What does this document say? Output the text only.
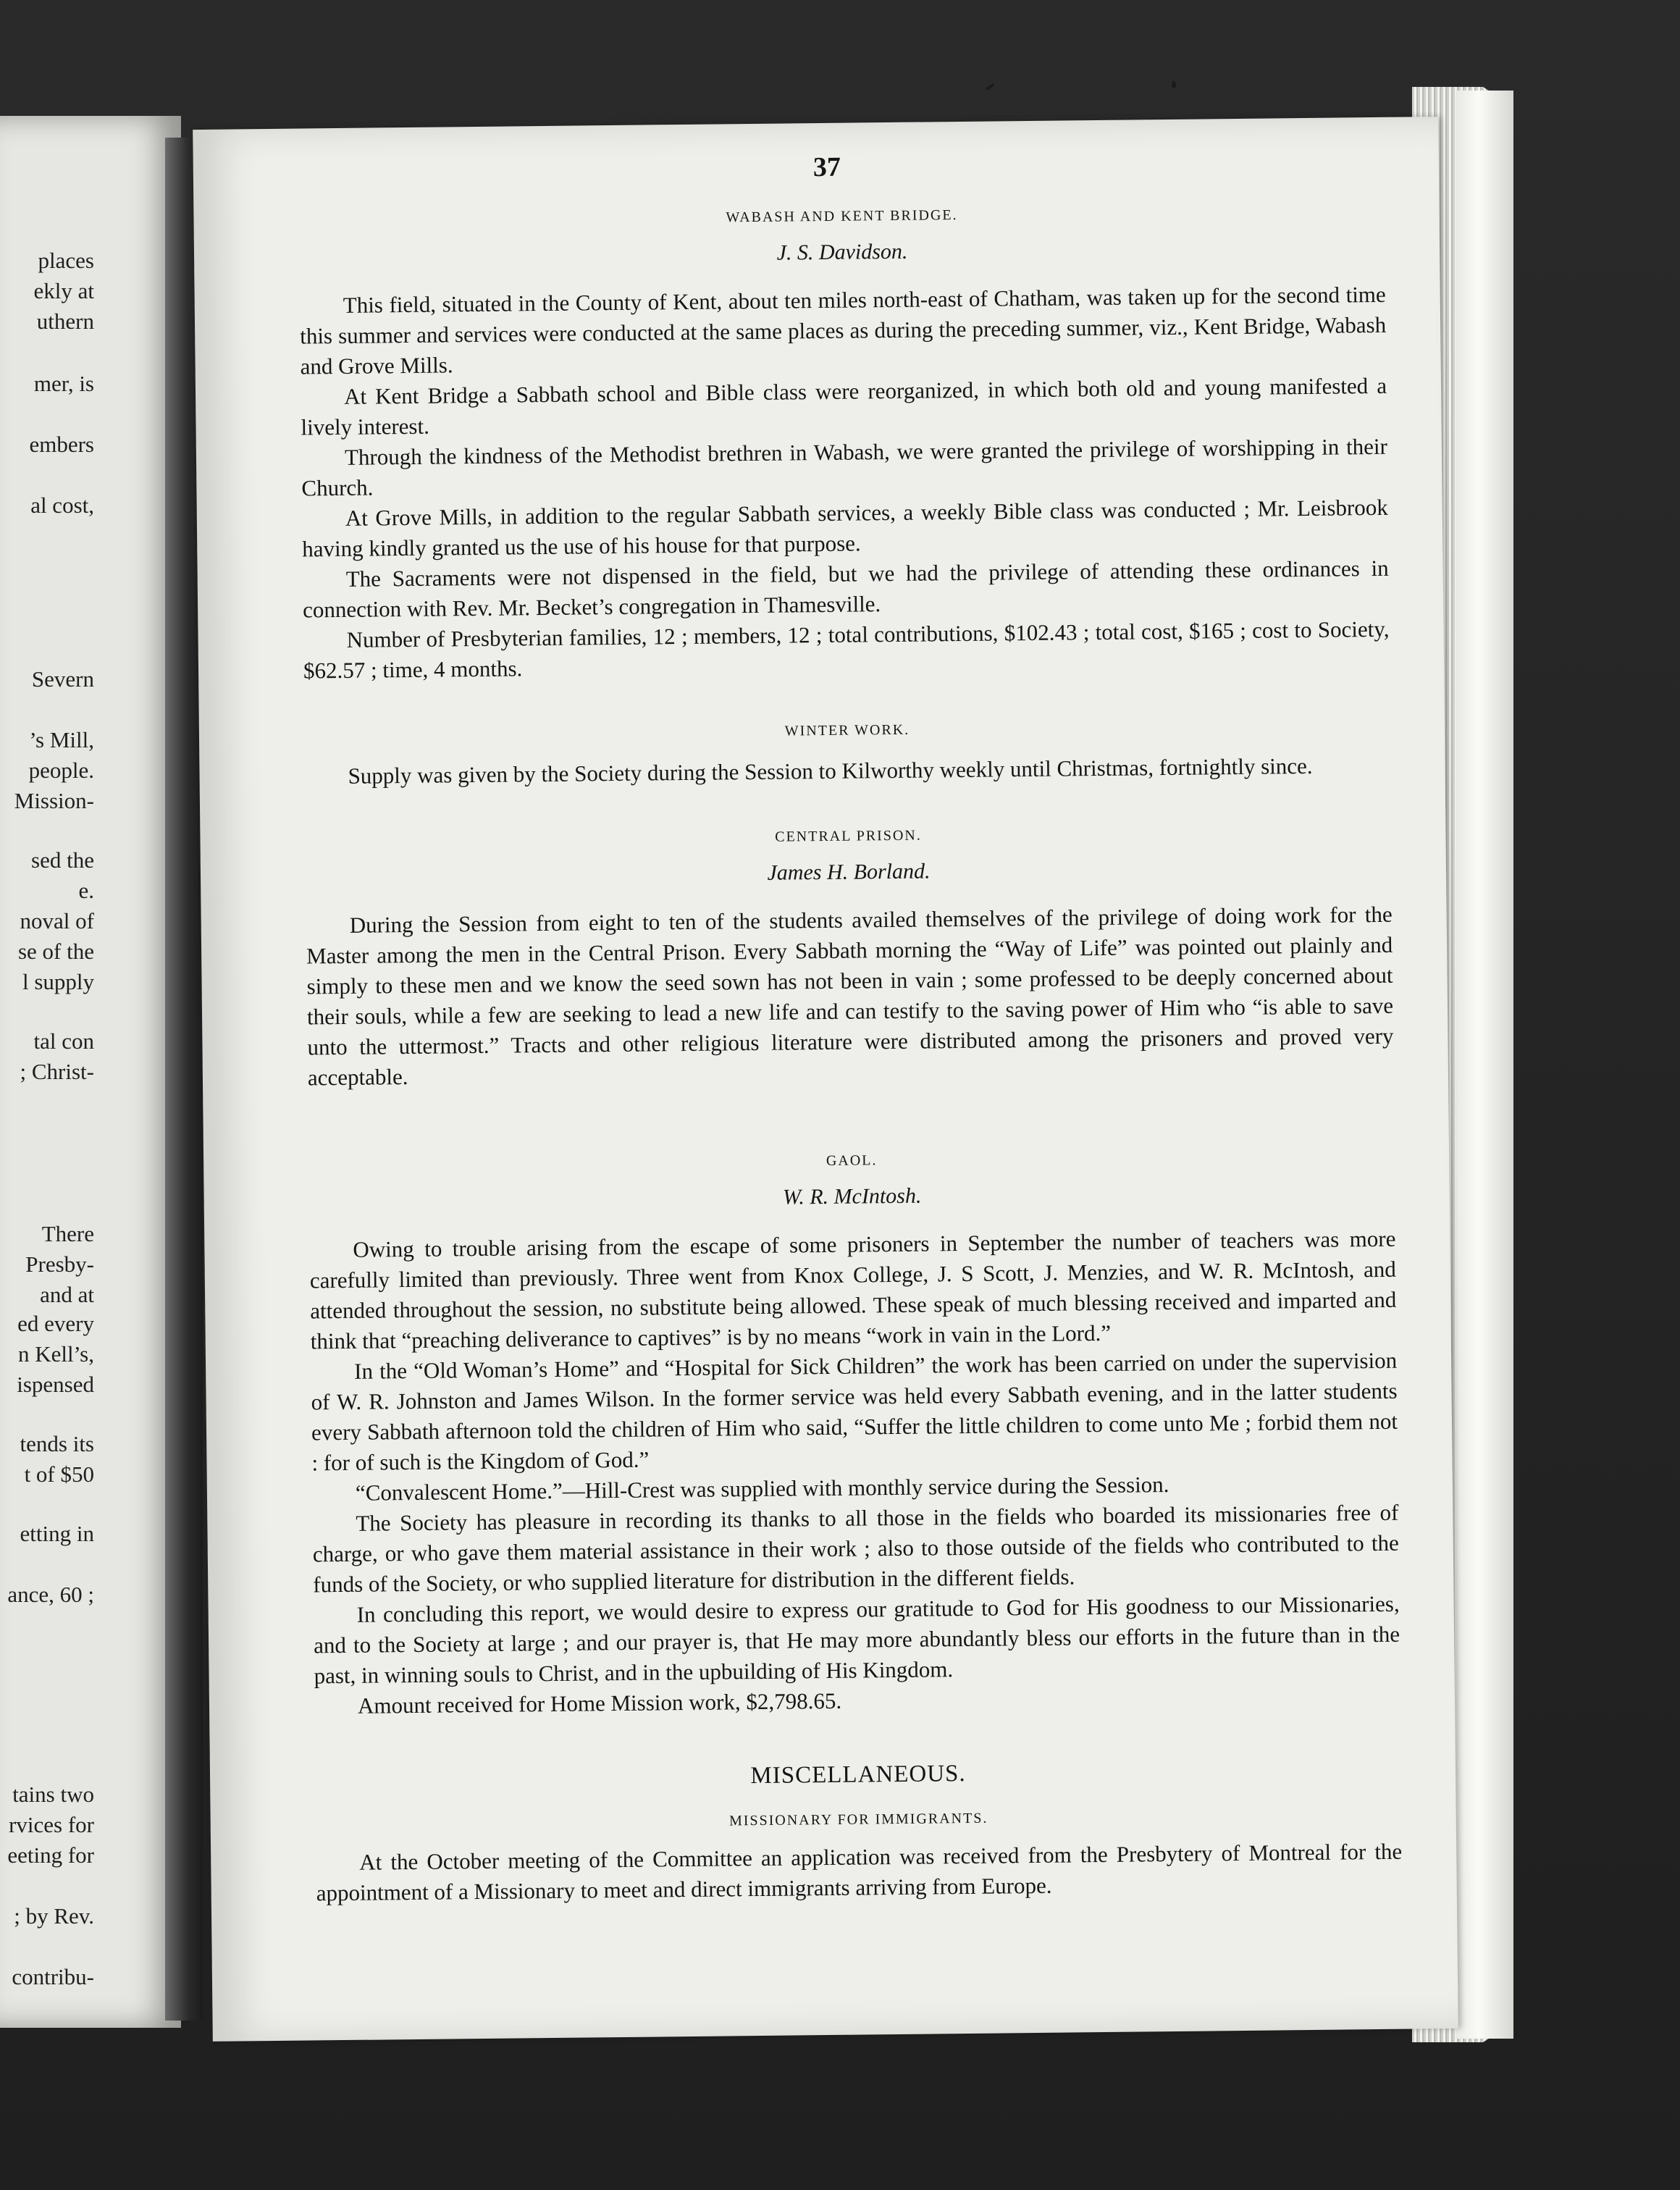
places
ekly at
uthern
mer, is
embers
al cost,
Severn
’s Mill,
people.
Mission-
sed the
e.
noval of
se of the
l supply
tal con
; Christ-
There
Presby-
and at
ed every
n Kell’s,
ispensed
tends its
t of $50
etting in
ance, 60 ;
tains two
rvices for
eeting for
; by Rev.
contribu-
37
WABASH AND KENT BRIDGE.
J. S. Davidson.

This field, situated in the County of Kent, about ten miles north-east of Chatham, was taken up for the second time this summer and services were conducted at the same places as during the preceding summer, viz., Kent Bridge, Wabash and Grove Mills.

At Kent Bridge a Sabbath school and Bible class were reorganized, in which both old and young manifested a lively interest.

Through the kindness of the Methodist brethren in Wabash, we were granted the privilege of worshipping in their Church.

At Grove Mills, in addition to the regular Sabbath services, a weekly Bible class was conducted ; Mr. Leisbrook having kindly granted us the use of his house for that purpose.

The Sacraments were not dispensed in the field, but we had the privilege of attending these ordinances in connection with Rev. Mr. Becket’s congregation in Thamesville.

Number of Presbyterian families, 12 ; members, 12 ; total contributions, $102.43 ; total cost, $165 ; cost to Society, $62.57 ; time, 4 months.

WINTER WORK.

Supply was given by the Society during the Session to Kilworthy weekly until Christmas, fortnightly since.

CENTRAL PRISON.
James H. Borland.

During the Session from eight to ten of the students availed themselves of the privilege of doing work for the Master among the men in the Central Prison. Every Sabbath morning the “Way of Life” was pointed out plainly and simply to these men and we know the seed sown has not been in vain ; some professed to be deeply concerned about their souls, while a few are seeking to lead a new life and can testify to the saving power of Him who “is able to save unto the uttermost.” Tracts and other religious literature were distributed among the prisoners and proved very acceptable.

GAOL.
W. R. McIntosh.

Owing to trouble arising from the escape of some prisoners in September the number of teachers was more carefully limited than previously. Three went from Knox College, J. S Scott, J. Menzies, and W. R. McIntosh, and attended throughout the session, no substitute being allowed. These speak of much blessing received and imparted and think that “preaching deliverance to captives” is by no means “work in vain in the Lord.”

In the “Old Woman’s Home” and “Hospital for Sick Children” the work has been carried on under the supervision of W. R. Johnston and James Wilson. In the former service was held every Sabbath evening, and in the latter students every Sabbath afternoon told the children of Him who said, “Suffer the little children to come unto Me ; forbid them not : for of such is the Kingdom of God.”

“Convalescent Home.”—Hill-Crest was supplied with monthly service during the Session.

The Society has pleasure in recording its thanks to all those in the fields who boarded its missionaries free of charge, or who gave them material assistance in their work ; also to those outside of the fields who contributed to the funds of the Society, or who supplied literature for distribution in the different fields.

In concluding this report, we would desire to express our gratitude to God for His goodness to our Missionaries, and to the Society at large ; and our prayer is, that He may more abundantly bless our efforts in the future than in the past, in winning souls to Christ, and in the upbuilding of His Kingdom.

Amount received for Home Mission work, $2,798.65.

MISCELLANEOUS.
MISSIONARY FOR IMMIGRANTS.

At the October meeting of the Committee an application was received from the Presbytery of Montreal for the appointment of a Missionary to meet and direct immigrants arriving from Europe.
